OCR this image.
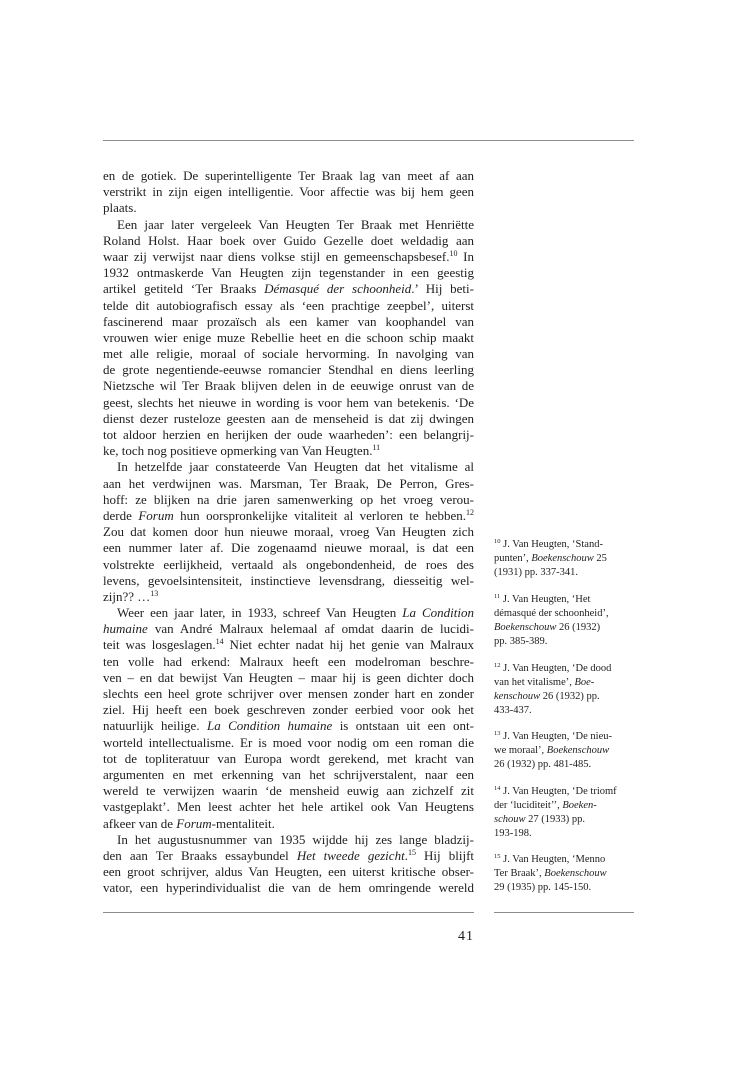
en de gotiek. De superintelligente Ter Braak lag van meet af aan
verstrikt in zijn eigen intelligentie. Voor affectie was bij hem geen
plaats.
Een jaar later vergeleek Van Heugten Ter Braak met Henriëtte
Roland Holst. Haar boek over Guido Gezelle doet weldadig aan
waar zij verwijst naar diens volkse stijl en gemeenschapsbesef.$^{10}$ In
1932 ontmaskerde Van Heugten zijn tegenstander in een geestig
artikel getiteld ‘Ter Braaks Démasqué der schoonheid.’ Hij beti-
telde dit autobiografisch essay als ‘een prachtige zeepbel’, uiterst
fascinerend maar prozaïsch als een kamer van koophandel van
vrouwen wier enige muze Rebellie heet en die schoon schip maakt
met alle religie, moraal of sociale hervorming. In navolging van
de grote negentiende-eeuwse romancier Stendhal en diens leerling
Nietzsche wil Ter Braak blijven delen in de eeuwige onrust van de
geest, slechts het nieuwe in wording is voor hem van betekenis. ‘De
dienst dezer rusteloze geesten aan de menseheid is dat zij dwingen
tot aldoor herzien en herijken der oude waarheden’: een belangrij-
ke, toch nog positieve opmerking van Van Heugten.$^{11}$
In hetzelfde jaar constateerde Van Heugten dat het vitalisme al
aan het verdwijnen was. Marsman, Ter Braak, De Perron, Gres-
hoff: ze blijken na drie jaren samenwerking op het vroeg verou-
derde Forum hun oorspronkelijke vitaliteit al verloren te hebben.$^{12}$
Zou dat komen door hun nieuwe moraal, vroeg Van Heugten zich
een nummer later af. Die zogenaamd nieuwe moraal, is dat een
volstrekte eerlijkheid, vertaald als ongebondenheid, de roes des
levens, gevoelsintensiteit, instinctieve levensdrang, diesseitig wel-
zijn?? …$^{13}$
Weer een jaar later, in 1933, schreef Van Heugten La Condition
humaine van André Malraux helemaal af omdat daarin de lucidi-
teit was losgeslagen.$^{14}$ Niet echter nadat hij het genie van Malraux
ten volle had erkend: Malraux heeft een modelroman beschre-
ven – en dat bewijst Van Heugten – maar hij is geen dichter doch
slechts een heel grote schrijver over mensen zonder hart en zonder
ziel. Hij heeft een boek geschreven zonder eerbied voor ook het
natuurlijk heilige. La Condition humaine is ontstaan uit een ont-
worteld intellectualisme. Er is moed voor nodig om een roman die
tot de topliteratuur van Europa wordt gerekend, met kracht van
argumenten en met erkenning van het schrijverstalent, naar een
wereld te verwijzen waarin ‘de mensheid euwig aan zichzelf zit
vastgeplakt’. Men leest achter het hele artikel ook Van Heugtens
afkeer van de Forum-mentaliteit.
In het augustusnummer van 1935 wijdde hij zes lange bladzij-
den aan Ter Braaks essaybundel Het tweede gezicht.$^{15}$ Hij blijft
een groot schrijver, aldus Van Heugten, een uiterst kritische obser-
vator, een hyperindividualist die van de hem omringende wereld
$^{10}$ J. Van Heugten, ‘Stand-
punten’, Boekenschouw 25
(1931) pp. 337-341.
$^{11}$ J. Van Heugten, ‘Het
démasqué der schoonheid’,
Boekenschouw 26 (1932)
pp. 385-389.
$^{12}$ J. Van Heugten, ‘De dood
van het vitalisme’, Boe-
kenschouw 26 (1932) pp.
433-437.
$^{13}$ J. Van Heugten, ‘De nieu-
we moraal’, Boekenschouw
26 (1932) pp. 481-485.
$^{14}$ J. Van Heugten, ‘De triomf
der ‘luciditeit’’, Boeken-
schouw 27 (1933) pp.
193-198.
$^{15}$ J. Van Heugten, ‘Menno
Ter Braak’, Boekenschouw
29 (1935) pp. 145-150.
41
